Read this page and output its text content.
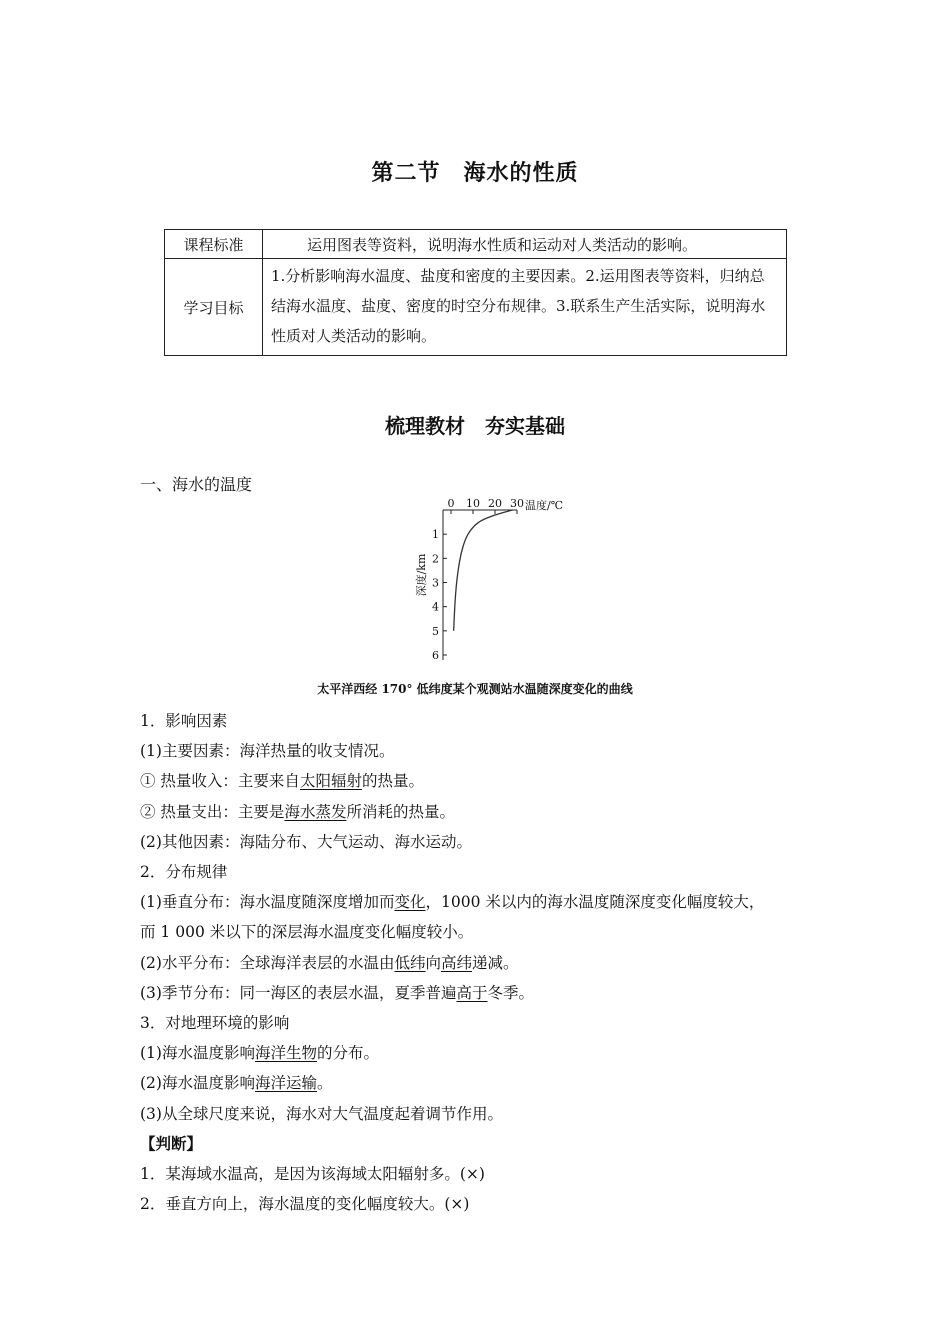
第二节　海水的性质
课程标准	运用图表等资料，说明海水性质和运动对人类活动的影响。
学习目标	1.分析影响海水温度、盐度和密度的主要因素。2.运用图表等资料，归纳总结海水温度、盐度、密度的时空分布规律。3.联系生产生活实际，说明海水性质对人类活动的影响。
梳理教材　夯实基础
一、海水的温度
0 10 20 30
1
2
3
4
5
6
温度/℃
深度/km
太平洋西经 170° 低纬度某个观测站水温随深度变化的曲线

1．影响因素

(1)主要因素：海洋热量的收支情况。

① 热量收入：主要来自太阳辐射的热量。

② 热量支出：主要是海水蒸发所消耗的热量。

(2)其他因素：海陆分布、大气运动、海水运动。

2．分布规律

(1)垂直分布：海水温度随深度增加而变化，1000 米以内的海水温度随深度变化幅度较大，

而 1 000 米以下的深层海水温度变化幅度较小。

(2)水平分布：全球海洋表层的水温由低纬向高纬递减。

(3)季节分布：同一海区的表层水温，夏季普遍高于冬季。

3．对地理环境的影响

(1)海水温度影响海洋生物的分布。

(2)海水温度影响海洋运输。

(3)从全球尺度来说，海水对大气温度起着调节作用。

【判断】

1．某海域水温高，是因为该海域太阳辐射多。(×)

2．垂直方向上，海水温度的变化幅度较大。(×)
